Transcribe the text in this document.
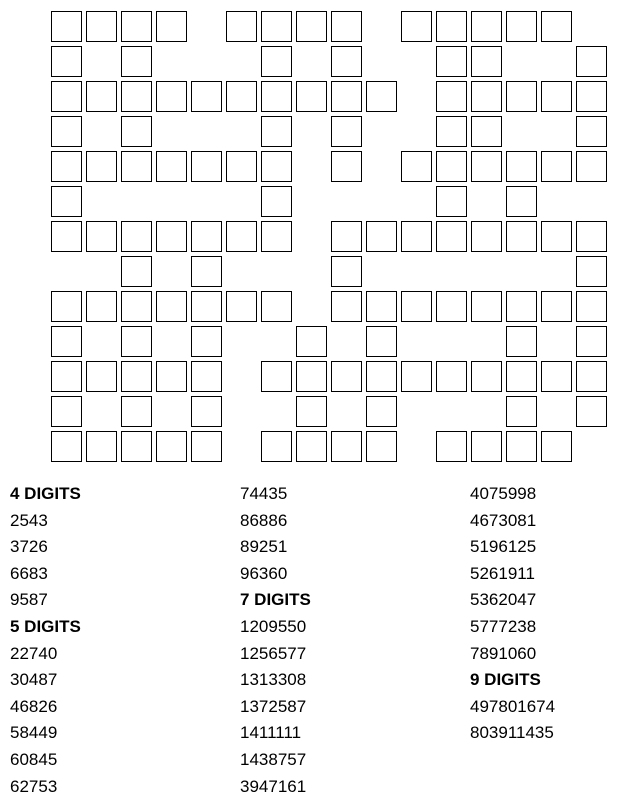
4 DIGITS
2543
3726
6683
9587
5 DIGITS
22740
30487
46826
58449
60845
62753
74435
86886
89251
96360
7 DIGITS
1209550
1256577
1313308
1372587
1411111
1438757
3947161
4075998
4673081
5196125
5261911
5362047
5777238
7891060
9 DIGITS
497801674
803911435
